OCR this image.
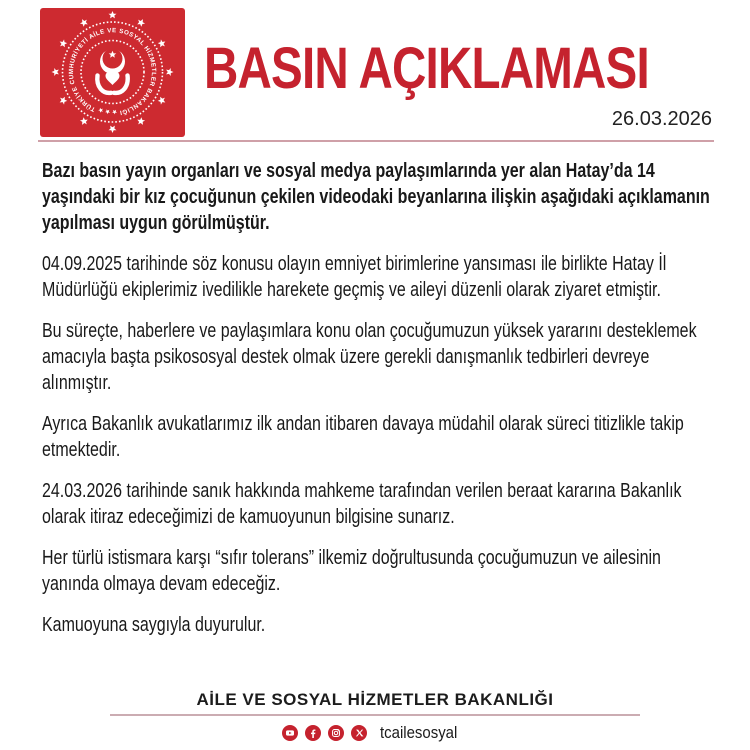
TÜRKİYE CUMHURİYETİ AİLE VE SOSYAL HİZMETLER BAKANLIĞI
BASIN AÇIKLAMASI
26.03.2026

Bazı basın yayın organları ve sosyal medya paylaşımlarında yer alan Hatay’da 14 yaşındaki bir kız çocuğunun çekilen videodaki beyanlarına ilişkin aşağıdaki açıklamanın yapılması uygun görülmüştür.

04.09.2025 tarihinde söz konusu olayın emniyet birimlerine yansıması ile birlikte Hatay İl Müdürlüğü ekiplerimiz ivedilikle harekete geçmiş ve aileyi düzenli olarak ziyaret etmiştir.

Bu süreçte, haberlere ve paylaşımlara konu olan çocuğumuzun yüksek yararını desteklemek amacıyla başta psikososyal destek olmak üzere gerekli danışmanlık tedbirleri devreye alınmıştır.

Ayrıca Bakanlık avukatlarımız ilk andan itibaren davaya müdahil olarak süreci titizlikle takip etmektedir.

24.03.2026 tarihinde sanık hakkında mahkeme tarafından verilen beraat kararına Bakanlık olarak itiraz edeceğimizi de kamuoyunun bilgisine sunarız.

Her türlü istismara karşı “sıfır tolerans” ilkemiz doğrultusunda çocuğumuzun ve ailesinin yanında olmaya devam edeceğiz.

Kamuoyuna saygıyla duyurulur.

AİLE VE SOSYAL HİZMETLER BAKANLIĞI
tcailesosyal
